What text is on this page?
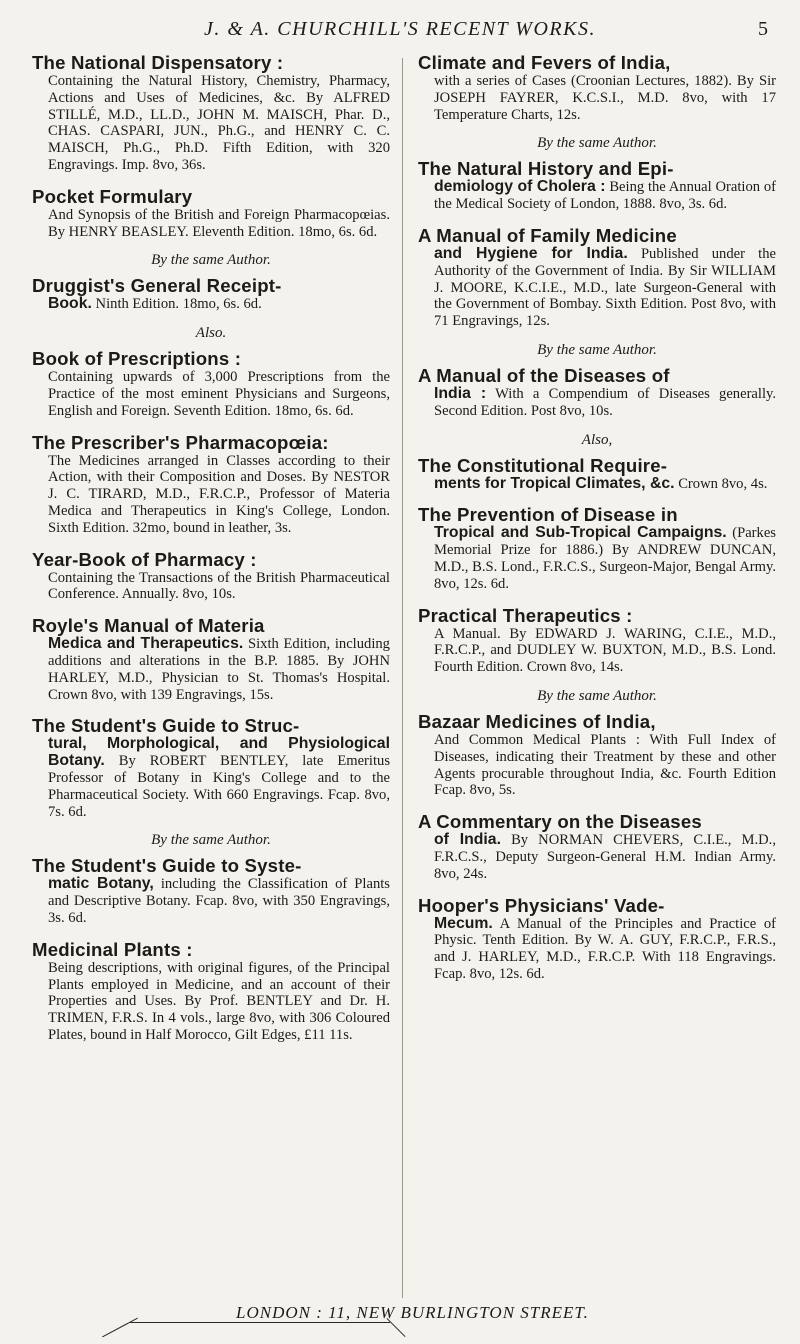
J. & A. CHURCHILL'S RECENT WORKS.	5
The National Dispensatory :
Containing the Natural History, Chemistry, Pharmacy, Actions and Uses of Medicines, &c. By ALFRED STILLÉ, M.D., LL.D., JOHN M. MAISCH, Phar. D., CHAS. CASPARI, JUN., Ph.G., and HENRY C. C. MAISCH, Ph.G., Ph.D. Fifth Edition, with 320 Engravings. Imp. 8vo, 36s.
Pocket Formulary
And Synopsis of the British and Foreign Pharmacopœias. By HENRY BEASLEY. Eleventh Edition. 18mo, 6s. 6d.
By the same Author.
Druggist's General Receipt-
Book. Ninth Edition. 18mo, 6s. 6d.
Also.
Book of Prescriptions :
Containing upwards of 3,000 Prescriptions from the Practice of the most eminent Physicians and Surgeons, English and Foreign. Seventh Edition. 18mo, 6s. 6d.
The Prescriber's Pharmacopœia:
The Medicines arranged in Classes according to their Action, with their Composition and Doses. By NESTOR J. C. TIRARD, M.D., F.R.C.P., Professor of Materia Medica and Therapeutics in King's College, London. Sixth Edition. 32mo, bound in leather, 3s.
Year-Book of Pharmacy :
Containing the Transactions of the British Pharmaceutical Conference. Annually. 8vo, 10s.
Royle's Manual of Materia
Medica and Therapeutics. Sixth Edition, including additions and alterations in the B.P. 1885. By JOHN HARLEY, M.D., Physician to St. Thomas's Hospital. Crown 8vo, with 139 Engravings, 15s.
The Student's Guide to Struc-
tural, Morphological, and Physiological Botany. By ROBERT BENTLEY, late Emeritus Professor of Botany in King's College and to the Pharmaceutical Society. With 660 Engravings. Fcap. 8vo, 7s. 6d.
By the same Author.
The Student's Guide to Syste-
matic Botany, including the Classification of Plants and Descriptive Botany. Fcap. 8vo, with 350 Engravings, 3s. 6d.
Medicinal Plants :
Being descriptions, with original figures, of the Principal Plants employed in Medicine, and an account of their Properties and Uses. By Prof. BENTLEY and Dr. H. TRIMEN, F.R.S. In 4 vols., large 8vo, with 306 Coloured Plates, bound in Half Morocco, Gilt Edges, £11 11s.
Climate and Fevers of India,
with a series of Cases (Croonian Lectures, 1882). By Sir JOSEPH FAYRER, K.C.S.I., M.D. 8vo, with 17 Temperature Charts, 12s.
By the same Author.
The Natural History and Epi-
demiology of Cholera : Being the Annual Oration of the Medical Society of London, 1888. 8vo, 3s. 6d.
A Manual of Family Medicine
and Hygiene for India. Published under the Authority of the Government of India. By Sir WILLIAM J. MOORE, K.C.I.E., M.D., late Surgeon-General with the Government of Bombay. Sixth Edition. Post 8vo, with 71 Engravings, 12s.
By the same Author.
A Manual of the Diseases of
India : With a Compendium of Diseases generally. Second Edition. Post 8vo, 10s.
Also,
The Constitutional Require-
ments for Tropical Climates, &c. Crown 8vo, 4s.
The Prevention of Disease in
Tropical and Sub-Tropical Campaigns. (Parkes Memorial Prize for 1886.) By ANDREW DUNCAN, M.D., B.S. Lond., F.R.C.S., Surgeon-Major, Bengal Army. 8vo, 12s. 6d.
Practical Therapeutics :
A Manual. By EDWARD J. WARING, C.I.E., M.D., F.R.C.P., and DUDLEY W. BUXTON, M.D., B.S. Lond. Fourth Edition. Crown 8vo, 14s.
By the same Author.
Bazaar Medicines of India,
And Common Medical Plants : With Full Index of Diseases, indicating their Treatment by these and other Agents procurable throughout India, &c. Fourth Edition Fcap. 8vo, 5s.
A Commentary on the Diseases
of India. By NORMAN CHEVERS, C.I.E., M.D., F.R.C.S., Deputy Surgeon-General H.M. Indian Army. 8vo, 24s.
Hooper's Physicians' Vade-
Mecum. A Manual of the Principles and Practice of Physic. Tenth Edition. By W. A. GUY, F.R.C.P., F.R.S., and J. HARLEY, M.D., F.R.C.P. With 118 Engravings. Fcap. 8vo, 12s. 6d.
LONDON : 11, NEW BURLINGTON STREET.
